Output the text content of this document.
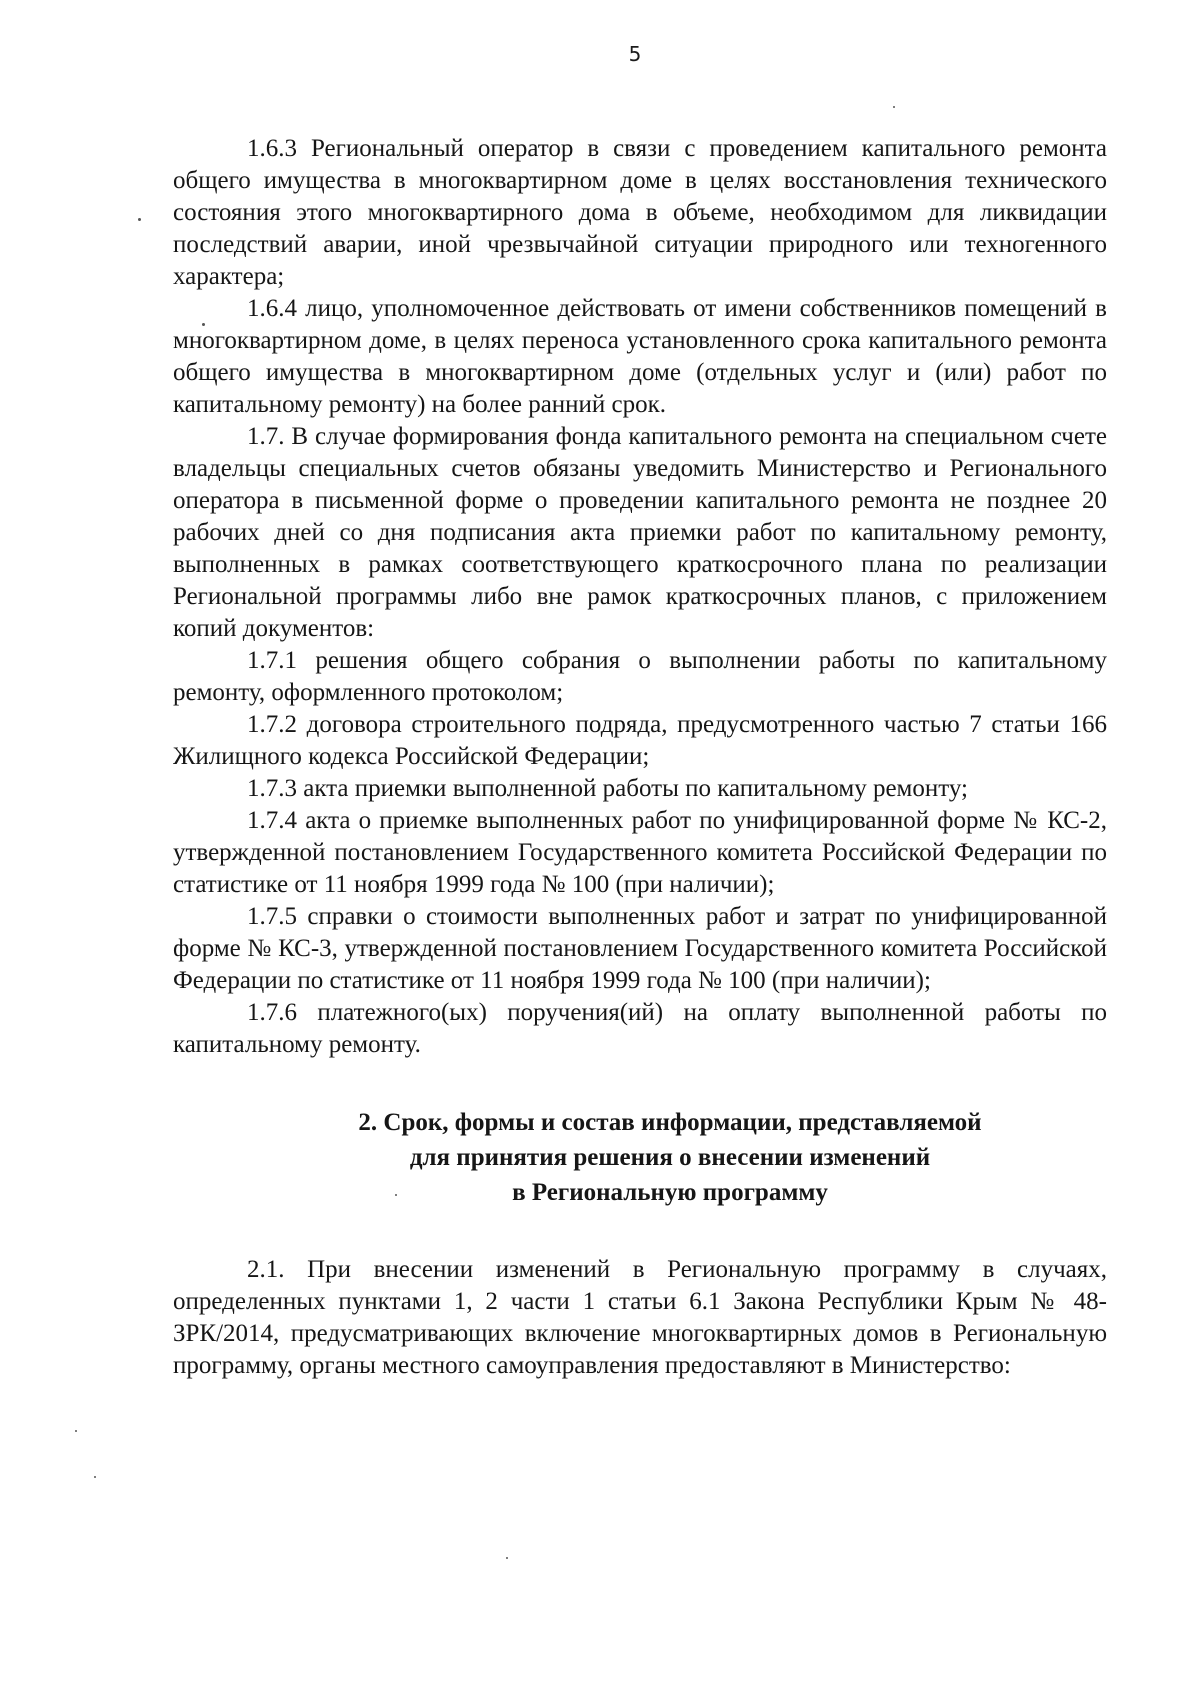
5

1.6.3 Региональный оператор в связи с проведением капитального ремонта общего имущества в многоквартирном доме в целях восстановления технического состояния этого многоквартирного дома в объеме, необходимом для ликвидации последствий аварии, иной чрезвычайной ситуации природного или техногенного характера;

1.6.4 лицо, уполномоченное действовать от имени собственников помещений в многоквартирном доме, в целях переноса установленного срока капитального ремонта общего имущества в многоквартирном доме (отдельных услуг и (или) работ по капитальному ремонту) на более ранний срок.

1.7. В случае формирования фонда капитального ремонта на специальном счете владельцы специальных счетов обязаны уведомить Министерство и Регионального оператора в письменной форме о проведении капитального ремонта не позднее 20 рабочих дней со дня подписания акта приемки работ по капитальному ремонту, выполненных в рамках соответствующего краткосрочного плана по реализации Региональной программы либо вне рамок краткосрочных планов, с приложением копий документов:

1.7.1 решения общего собрания о выполнении работы по капитальному ремонту, оформленного протоколом;

1.7.2 договора строительного подряда, предусмотренного частью 7 статьи 166 Жилищного кодекса Российской Федерации;

1.7.3 акта приемки выполненной работы по капитальному ремонту;

1.7.4 акта о приемке выполненных работ по унифицированной форме № КС-2, утвержденной постановлением Государственного комитета Российской Федерации по статистике от 11 ноября 1999 года № 100 (при наличии);

1.7.5 справки о стоимости выполненных работ и затрат по унифицированной форме № КС-3, утвержденной постановлением Государственного комитета Российской Федерации по статистике от 11 ноября 1999 года № 100 (при наличии);

1.7.6 платежного(ых) поручения(ий) на оплату выполненной работы по капитальному ремонту.

2. Срок, формы и состав информации, представляемой
для принятия решения о внесении изменений
в Региональную программу

2.1. При внесении изменений в Региональную программу в случаях, определенных пунктами 1, 2 части 1 статьи 6.1 Закона Республики Крым № 48-ЗРК/2014, предусматривающих включение многоквартирных домов в Региональную программу, органы местного самоуправления предоставляют в Министерство:
